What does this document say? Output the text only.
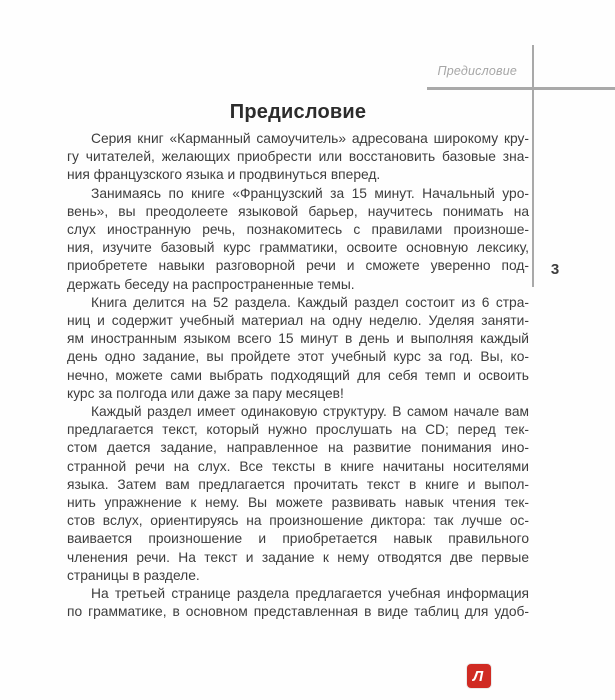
Предисловие
3
Предисловие
Серия книг «Карманный самоучитель» адресована широкому кру-
гу читателей, желающих приобрести или восстановить базовые зна-
ния французского языка и продвинуться вперед.
Занимаясь по книге «Французский за 15 минут. Начальный уро-
вень», вы преодолеете языковой барьер, научитесь понимать на
слух иностранную речь, познакомитесь с правилами произноше-
ния, изучите базовый курс грамматики, освоите основную лексику,
приобретете навыки разговорной речи и сможете уверенно под-
держать беседу на распространенные темы.
Книга делится на 52 раздела. Каждый раздел состоит из 6 стра-
ниц и содержит учебный материал на одну неделю. Уделяя заняти-
ям иностранным языком всего 15 минут в день и выполняя каждый
день одно задание, вы пройдете этот учебный курс за год. Вы, ко-
нечно, можете сами выбрать подходящий для себя темп и освоить
курс за полгода или даже за пару месяцев!
Каждый раздел имеет одинаковую структуру. В самом начале вам
предлагается текст, который нужно прослушать на CD; перед тек-
стом дается задание, направленное на развитие понимания ино-
странной речи на слух. Все тексты в книге начитаны носителями
языка. Затем вам предлагается прочитать текст в книге и выпол-
нить упражнение к нему. Вы можете развивать навык чтения тек-
стов вслух, ориентируясь на произношение диктора: так лучше ос-
ваивается произношение и приобретается навык правильного
членения речи. На текст и задание к нему отводятся две первые
страницы в разделе.
На третьей странице раздела предлагается учебная информация
по грамматике, в основном представленная в виде таблиц для удоб-
Л
